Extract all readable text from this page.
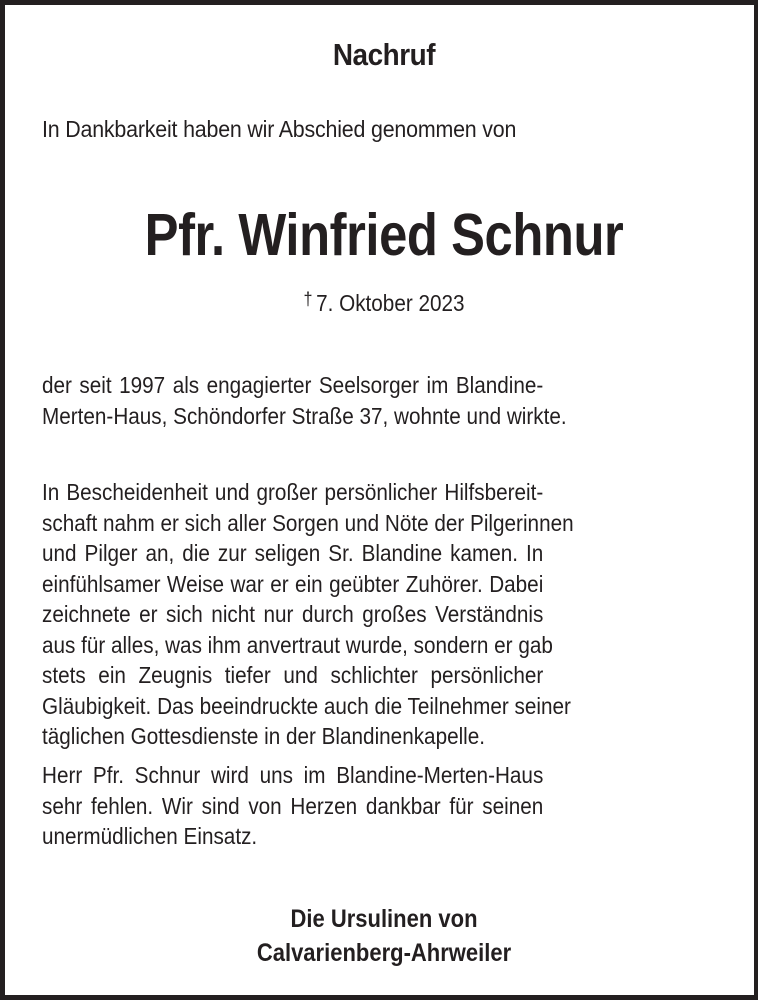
Nachruf
In Dankbarkeit haben wir Abschied genommen von
Pfr. Winfried Schnur
† 7. Oktober 2023
der seit 1997 als engagierter Seelsorger im Blandine-
Merten-Haus, Schöndorfer Straße 37, wohnte und wirkte.
In Bescheidenheit und großer persönlicher Hilfsbereit-
schaft nahm er sich aller Sorgen und Nöte der Pilgerinnen
und Pilger an, die zur seligen Sr. Blandine kamen. In
einfühlsamer Weise war er ein geübter Zuhörer. Dabei
zeichnete er sich nicht nur durch großes Verständnis
aus für alles, was ihm anvertraut wurde, sondern er gab
stets ein Zeugnis tiefer und schlichter persönlicher
Gläubigkeit. Das beeindruckte auch die Teilnehmer seiner
täglichen Gottesdienste in der Blandinenkapelle.
Herr Pfr. Schnur wird uns im Blandine-Merten-Haus
sehr fehlen. Wir sind von Herzen dankbar für seinen
unermüdlichen Einsatz.
Die Ursulinen von
Calvarienberg-Ahrweiler
